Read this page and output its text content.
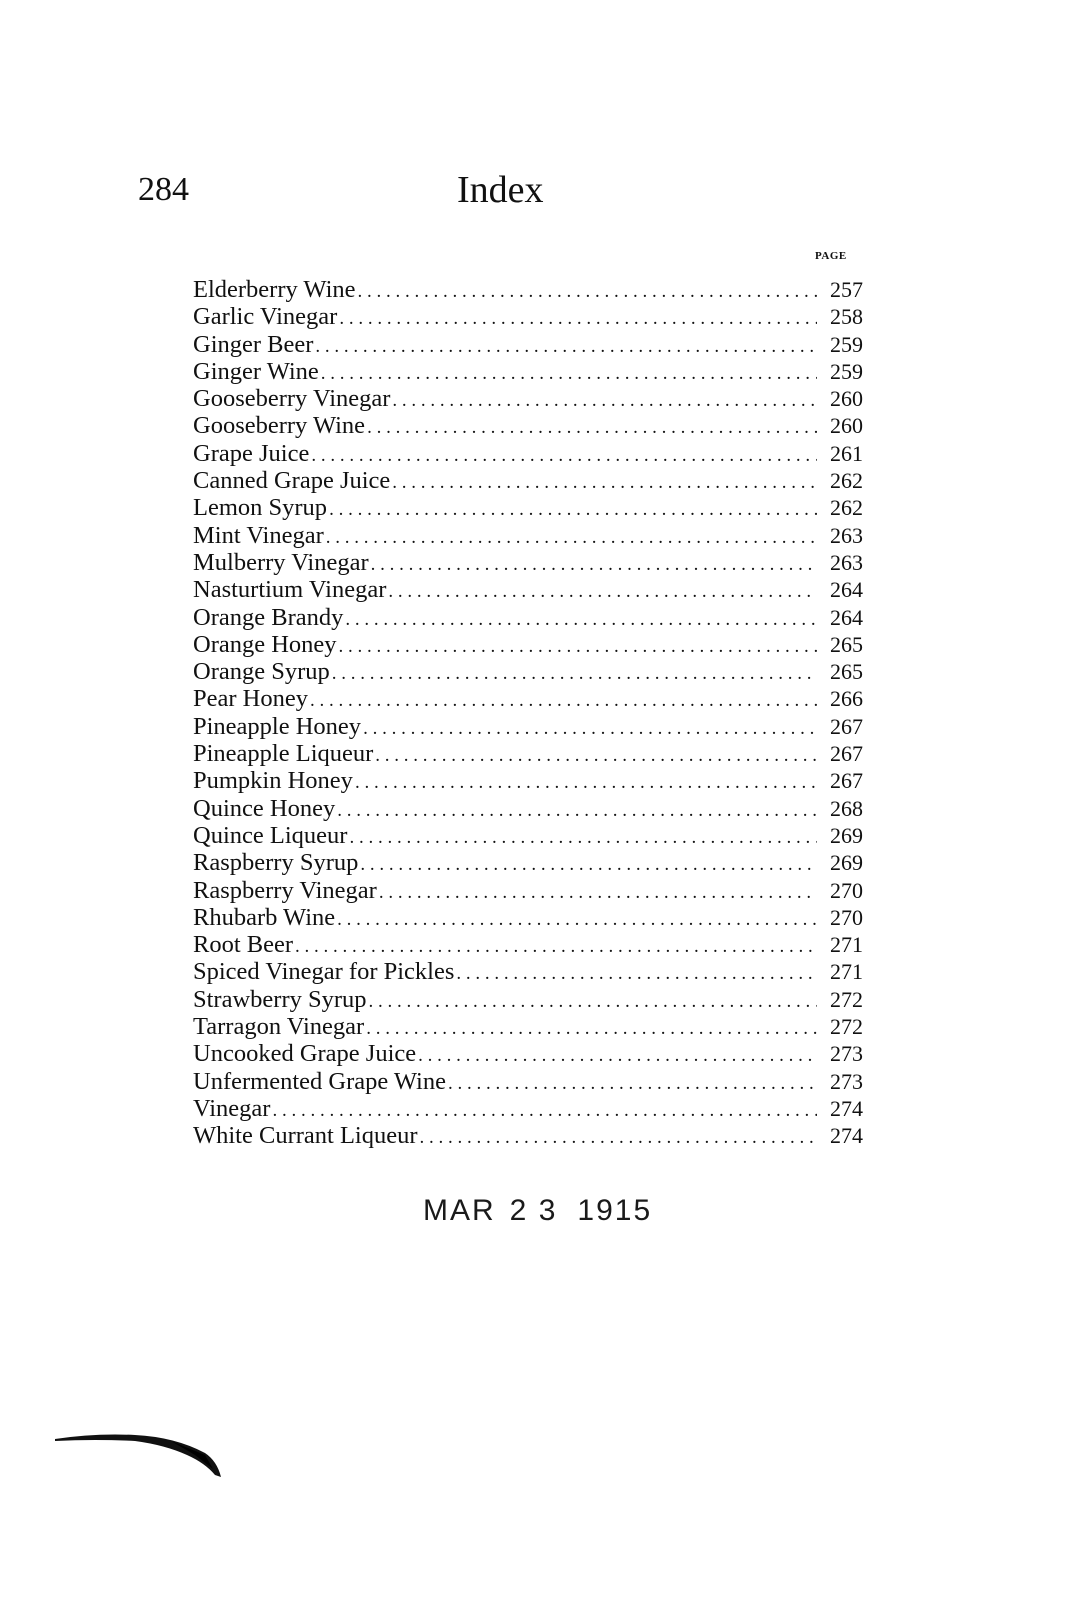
284	Index
PAGE
Elderberry Wine . . .	257
Garlic Vinegar . . .	258
Ginger Beer . . .	259
Ginger Wine . . .	259
Gooseberry Vinegar . . .	260
Gooseberry Wine . . .	260
Grape Juice . . .	261
Canned Grape Juice . . .	262
Lemon Syrup . . .	262
Mint Vinegar . . .	263
Mulberry Vinegar . . .	263
Nasturtium Vinegar . . .	264
Orange Brandy . . .	264
Orange Honey . . .	265
Orange Syrup . . .	265
Pear Honey . . .	266
Pineapple Honey . . .	267
Pineapple Liqueur . . .	267
Pumpkin Honey . . .	267
Quince Honey . . .	268
Quince Liqueur . . .	269
Raspberry Syrup . . .	269
Raspberry Vinegar . . .	270
Rhubarb Wine . . .	270
Root Beer . . .	271
Spiced Vinegar for Pickles . . .	271
Strawberry Syrup . . .	272
Tarragon Vinegar . . .	272
Uncooked Grape Juice . . .	273
Unfermented Grape Wine . . .	273
Vinegar . . .	274
White Currant Liqueur . . .	274
MAR 2 3 1915
